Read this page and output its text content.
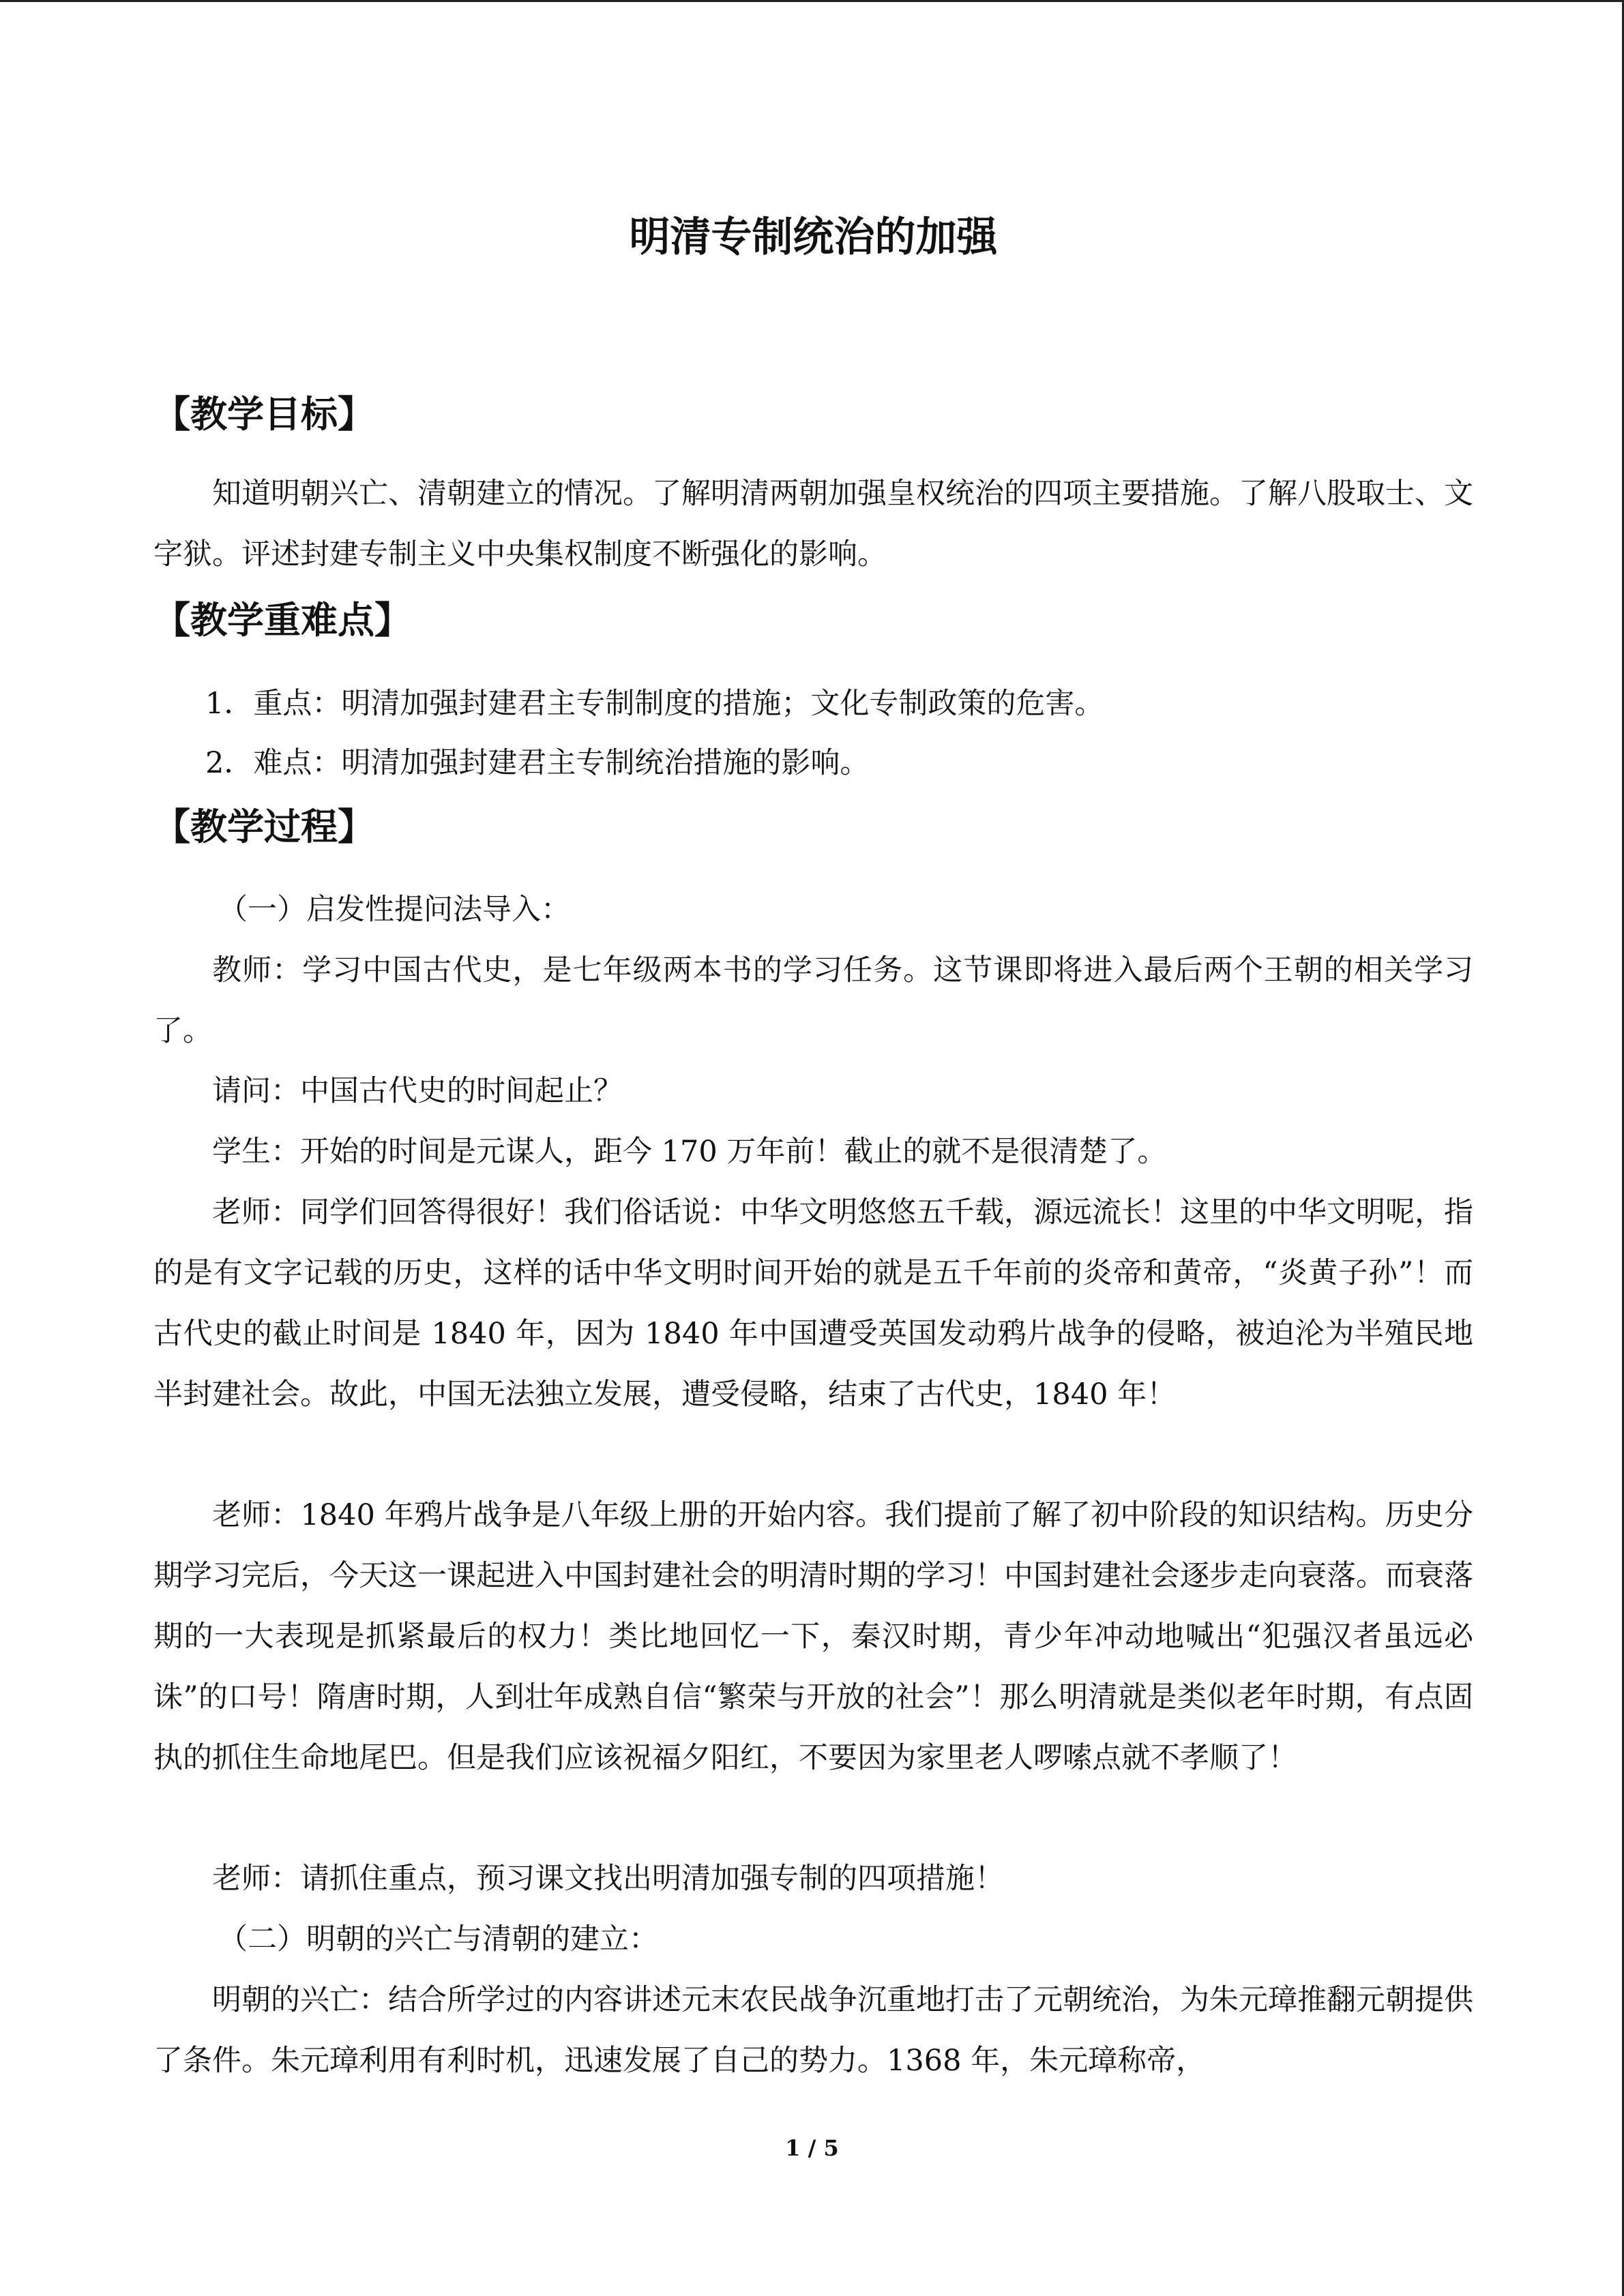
明清专制统治的加强
【教学目标】

知道明朝兴亡、清朝建立的情况。了解明清两朝加强皇权统治的四项主要措施。了解八股取士、文字狱。评述封建专制主义中央集权制度不断强化的影响。

【教学重难点】

1．重点：明清加强封建君主专制制度的措施；文化专制政策的危害。

2．难点：明清加强封建君主专制统治措施的影响。

【教学过程】

（一）启发性提问法导入：

教师：学习中国古代史，是七年级两本书的学习任务。这节课即将进入最后两个王朝的相关学习了。

请问：中国古代史的时间起止？

学生：开始的时间是元谋人，距今 170 万年前！截止的就不是很清楚了。

老师：同学们回答得很好！我们俗话说：中华文明悠悠五千载，源远流长！这里的中华文明呢，指的是有文字记载的历史，这样的话中华文明时间开始的就是五千年前的炎帝和黄帝，“炎黄子孙”！而古代史的截止时间是 1840 年，因为 1840 年中国遭受英国发动鸦片战争的侵略，被迫沦为半殖民地半封建社会。故此，中国无法独立发展，遭受侵略，结束了古代史，1840 年！

老师：1840 年鸦片战争是八年级上册的开始内容。我们提前了解了初中阶段的知识结构。历史分期学习完后，今天这一课起进入中国封建社会的明清时期的学习！中国封建社会逐步走向衰落。而衰落期的一大表现是抓紧最后的权力！类比地回忆一下，秦汉时期，青少年冲动地喊出“犯强汉者虽远必诛”的口号！隋唐时期，人到壮年成熟自信“繁荣与开放的社会”！那么明清就是类似老年时期，有点固执的抓住生命地尾巴。但是我们应该祝福夕阳红，不要因为家里老人啰嗦点就不孝顺了！

老师：请抓住重点，预习课文找出明清加强专制的四项措施！

（二）明朝的兴亡与清朝的建立：

明朝的兴亡：结合所学过的内容讲述元末农民战争沉重地打击了元朝统治，为朱元璋推翻元朝提供了条件。朱元璋利用有利时机，迅速发展了自己的势力。1368 年，朱元璋称帝，

1 / 5
